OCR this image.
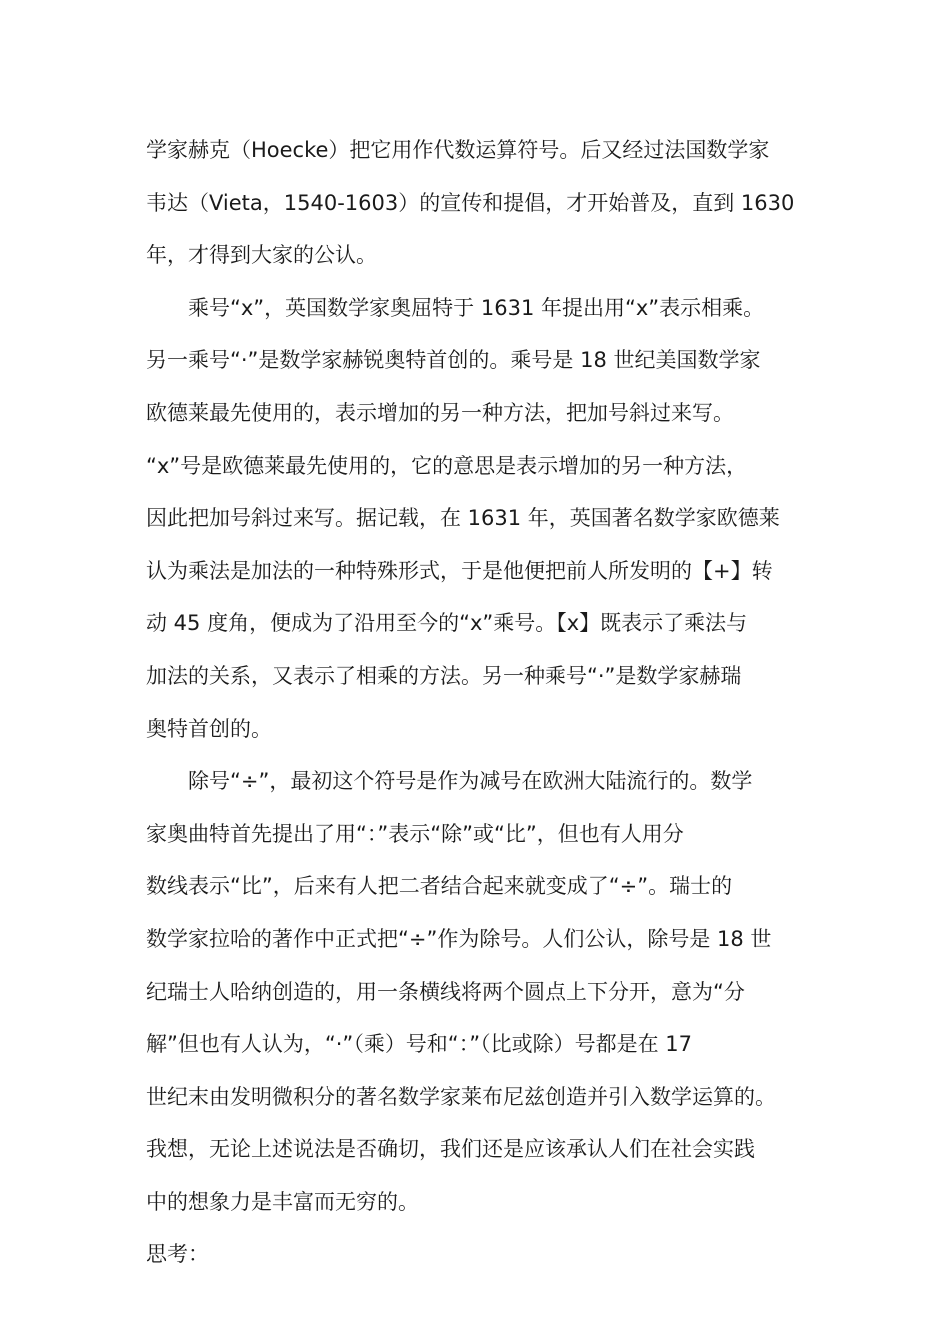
学家赫克（Hoecke）把它用作代数运算符号。后又经过法国数学家
韦达（Vieta，1540-1603）的宣传和提倡，才开始普及，直到 1630
年，才得到大家的公认。
乘号“x”，英国数学家奥屈特于 1631 年提出用“x”表示相乘。
另一乘号“·”是数学家赫锐奥特首创的。乘号是 18 世纪美国数学家
欧德莱最先使用的，表示增加的另一种方法，把加号斜过来写。
“x”号是欧德莱最先使用的，它的意思是表示增加的另一种方法，
因此把加号斜过来写。据记载，在 1631 年，英国著名数学家欧德莱
认为乘法是加法的一种特殊形式，于是他便把前人所发明的【+】转
动 45 度角，便成为了沿用至今的“x”乘号。【x】既表示了乘法与
加法的关系，又表示了相乘的方法。另一种乘号“·”是数学家赫瑞
奥特首创的。
除号“÷”，最初这个符号是作为减号在欧洲大陆流行的。数学
家奥曲特首先提出了用“：”表示“除”或“比”，但也有人用分
数线表示“比”，后来有人把二者结合起来就变成了“÷”。瑞士的
数学家拉哈的著作中正式把“÷”作为除号。人们公认，除号是 18 世
纪瑞士人哈纳创造的，用一条横线将两个圆点上下分开，意为“分
解”但也有人认为，“·”（乘）号和“：”（比或除）号都是在 17
世纪末由发明微积分的著名数学家莱布尼兹创造并引入数学运算的。
我想，无论上述说法是否确切，我们还是应该承认人们在社会实践
中的想象力是丰富而无穷的。
思考：
